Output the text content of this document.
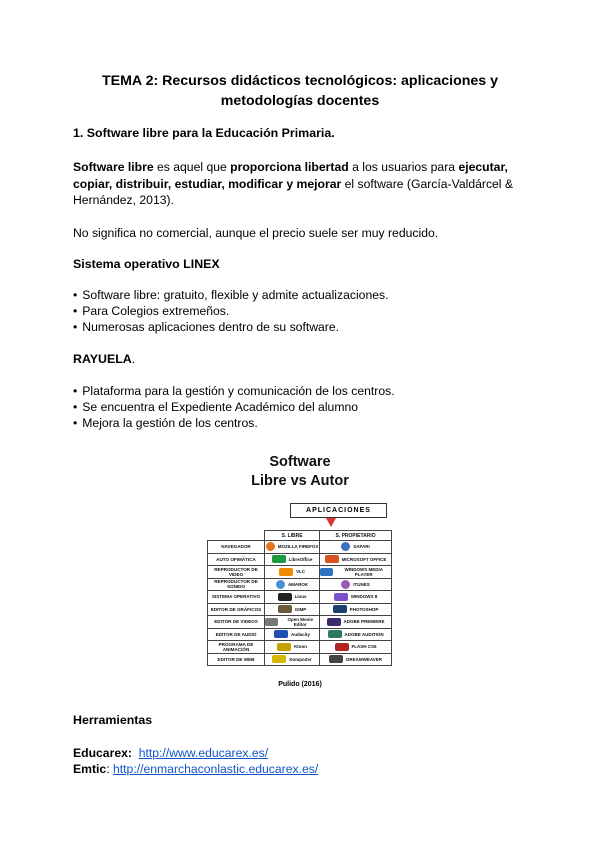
TEMA 2: Recursos didácticos tecnológicos: aplicaciones y
metodologías docentes
1. Software libre para la Educación Primaria.
Software libre es aquel que proporciona libertad a los usuarios para ejecutar, copiar, distribuir, estudiar, modificar y mejorar el software (García-Valdárcel & Hernández, 2013).
No significa no comercial, aunque el precio suele ser muy reducido.
Sistema operativo LINEX
• Software libre: gratuito, flexible y admite actualizaciones.
• Para Colegios extremeños.
• Numerosas aplicaciones dentro de su software.
RAYUELA.
• Plataforma para la gestión y comunicación de los centros.
• Se encuentra el Expediente Académico del alumno
• Mejora la gestión de los centros.
Software
Libre vs Autor
APLICACIONES
	S. LIBRE	S. PROPIETARIO
NAVEGADOR	MOZILLA FIREFOX	SAFARI

AUTO OFIMÁTICA	LibreOffice	MICROSOFT OFFICE

REPRODUCTOR DE VIDEO	VLC	WINDOWS MEDIA PLAYER

REPRODUCTOR DE SONIDO	AMAROK	ITUNES

SISTEMA OPERATIVO	Linux	WINDOWS 8

EDITOR DE GRÁFICOS	GIMP	PHOTOSHOP

EDITOR DE VIDEOS	Open Movie Editor	ADOBE PREMIERE

EDITOR DE AUDIO	Audacity	ADOBE AUDITION

PROGRAMA DE ANIMACIÓN	Ktoon	FLASH CS6

EDITOR DE WEB	KompoZer	DREAMWEAVER
Pulido (2016)
Herramientas
Educarex: http://www.educarex.es/
Emtic: http://enmarchaconlastic.educarex.es/
